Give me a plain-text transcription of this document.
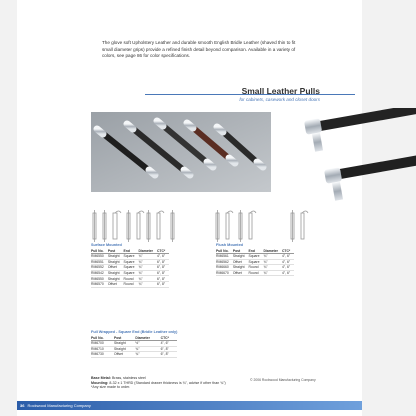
The glove soft Upholstery Leather and durable smooth English Bridle Leather (shaved thin to fit small diameter grips) provide a refined finish detail beyond comparison. Available in a variety of colors, see page 86 for color specifications.
Small Leather Pulls
for cabinets, casework and closet doors
Surface Mounted
Pull No.	Post	End	Diameter	CTC*
RM6550	Straight	Square	¾"	4", 6"
RM6551	Straight	Square	¾"	6", 8"
RM6552	Offset	Square	¾"	6", 8"
RM6542	Straight	Square	¾"	6", 8"
RM6550	Straight	Round	¾"	6", 8"
RM6570	Offset	Round	¾"	6", 8"
Flush Mounted
Pull No.	Post	End	Diameter	CTC*
RM6561	Straight	Square	¾"	4", 6"
RM6562	Offset	Square	¾"	4", 6"
RM6660	Straight	Round	¾"	4", 6"
RM6670	Offset	Round	¾"	4", 6"
Full Wrapped - Square End (Bridle Leather only)
Pull No.	Post	Diameter	CTC*
RM6700	Straight	½"	4", 6"
RM6710	Straight	¾"	6", 8"
RM6730	Offset	¾"	6", 8"
Base Metal: Brass, stainless steel
Mounting: 8-32 x 1 THRD (Standard drawer thickness is ¾", advise if other than ¾")
*Any size made to order.
© 2006 Rockwood Manufacturing Company
36 Rockwood Manufacturing Company
